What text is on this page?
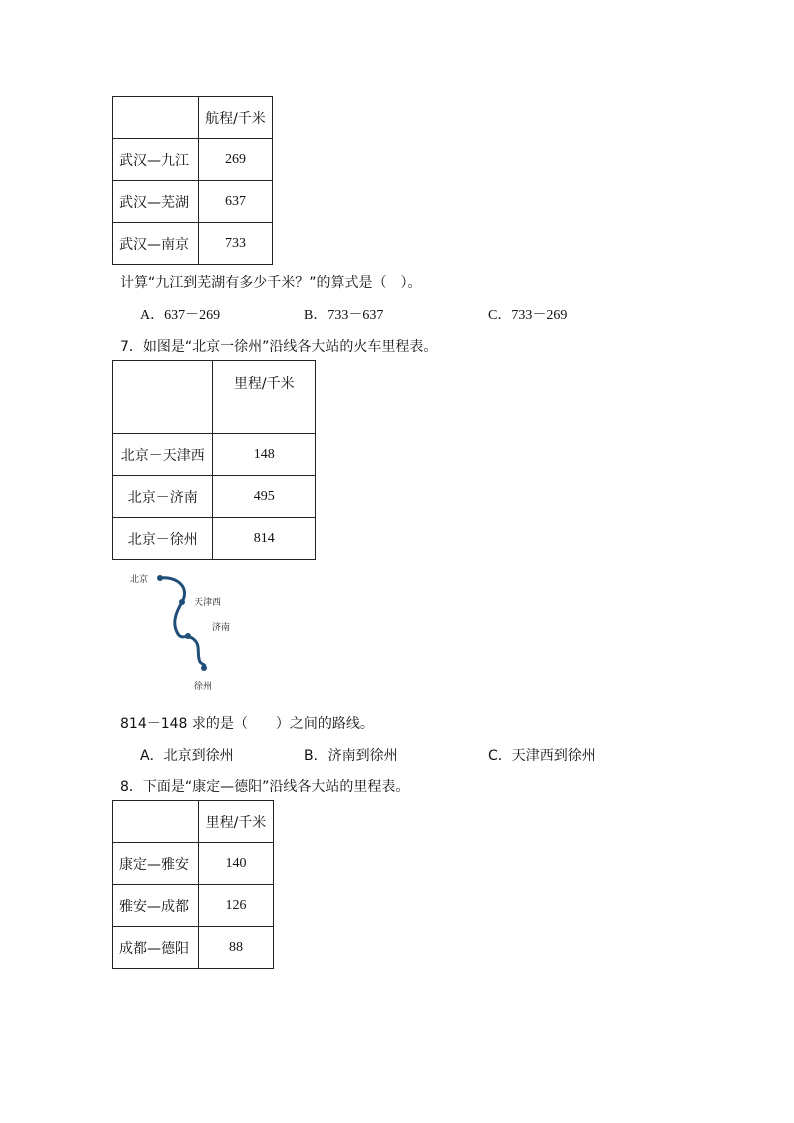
	航程/千米
武汉—九江	269
武汉—芜湖	637
武汉—南京	733
计算“九江到芜湖有多少千米？”的算式是（　）。
A．637－269	B．733－637	C．733－269
7．如图是“北京一徐州”沿线各大站的火车里程表。
	里程/千米
北京－天津西	148
北京－济南	495
北京－徐州	814
北京
天津西
济南
徐州
814－148 求的是（　　）之间的路线。
A．北京到徐州	B．济南到徐州	C．天津西到徐州
8．下面是“康定—德阳”沿线各大站的里程表。
	里程/千米
康定—雅安	140
雅安—成都	126
成都—德阳	88
